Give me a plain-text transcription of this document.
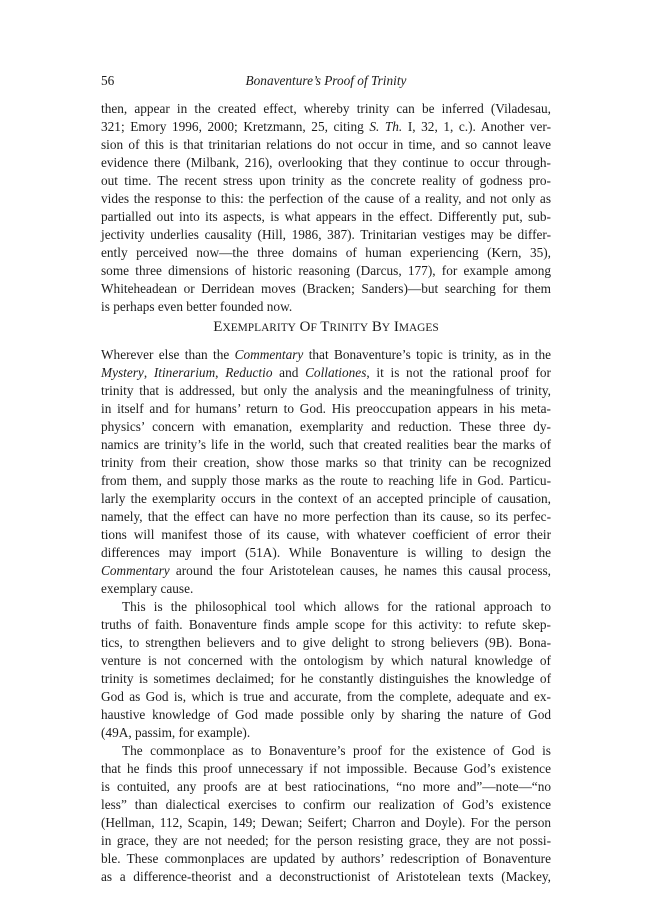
56	Bonaventure’s Proof of Trinity
then, appear in the created effect, whereby trinity can be inferred (Viladesau,
321; Emory 1996, 2000; Kretzmann, 25, citing S. Th. I, 32, 1, c.). Another ver-
sion of this is that trinitarian relations do not occur in time, and so cannot leave
evidence there (Milbank, 216), overlooking that they continue to occur through-
out time. The recent stress upon trinity as the concrete reality of godness pro-
vides the response to this: the perfection of the cause of a reality, and not only as
partialled out into its aspects, is what appears in the effect. Differently put, sub-
jectivity underlies causality (Hill, 1986, 387). Trinitarian vestiges may be differ-
ently perceived now—the three domains of human experiencing (Kern, 35),
some three dimensions of historic reasoning (Darcus, 177), for example among
Whiteheadean or Derridean moves (Bracken; Sanders)—but searching for them
is perhaps even better founded now.
EXEMPLARITY OF TRINITY BY IMAGES
Wherever else than the Commentary that Bonaventure’s topic is trinity, as in the
Mystery, Itinerarium, Reductio and Collationes, it is not the rational proof for
trinity that is addressed, but only the analysis and the meaningfulness of trinity,
in itself and for humans’ return to God. His preoccupation appears in his meta-
physics’ concern with emanation, exemplarity and reduction. These three dy-
namics are trinity’s life in the world, such that created realities bear the marks of
trinity from their creation, show those marks so that trinity can be recognized
from them, and supply those marks as the route to reaching life in God. Particu-
larly the exemplarity occurs in the context of an accepted principle of causation,
namely, that the effect can have no more perfection than its cause, so its perfec-
tions will manifest those of its cause, with whatever coefficient of error their
differences may import (51A). While Bonaventure is willing to design the
Commentary around the four Aristotelean causes, he names this causal process,
exemplary cause.
This is the philosophical tool which allows for the rational approach to
truths of faith. Bonaventure finds ample scope for this activity: to refute skep-
tics, to strengthen believers and to give delight to strong believers (9B). Bona-
venture is not concerned with the ontologism by which natural knowledge of
trinity is sometimes declaimed; for he constantly distinguishes the knowledge of
God as God is, which is true and accurate, from the complete, adequate and ex-
haustive knowledge of God made possible only by sharing the nature of God
(49A, passim, for example).
The commonplace as to Bonaventure’s proof for the existence of God is
that he finds this proof unnecessary if not impossible. Because God’s existence
is contuited, any proofs are at best ratiocinations, “no more and”—note—“no
less” than dialectical exercises to confirm our realization of God’s existence
(Hellman, 112, Scapin, 149; Dewan; Seifert; Charron and Doyle). For the person
in grace, they are not needed; for the person resisting grace, they are not possi-
ble. These commonplaces are updated by authors’ redescription of Bonaventure
as a difference-theorist and a deconstructionist of Aristotelean texts (Mackey,
